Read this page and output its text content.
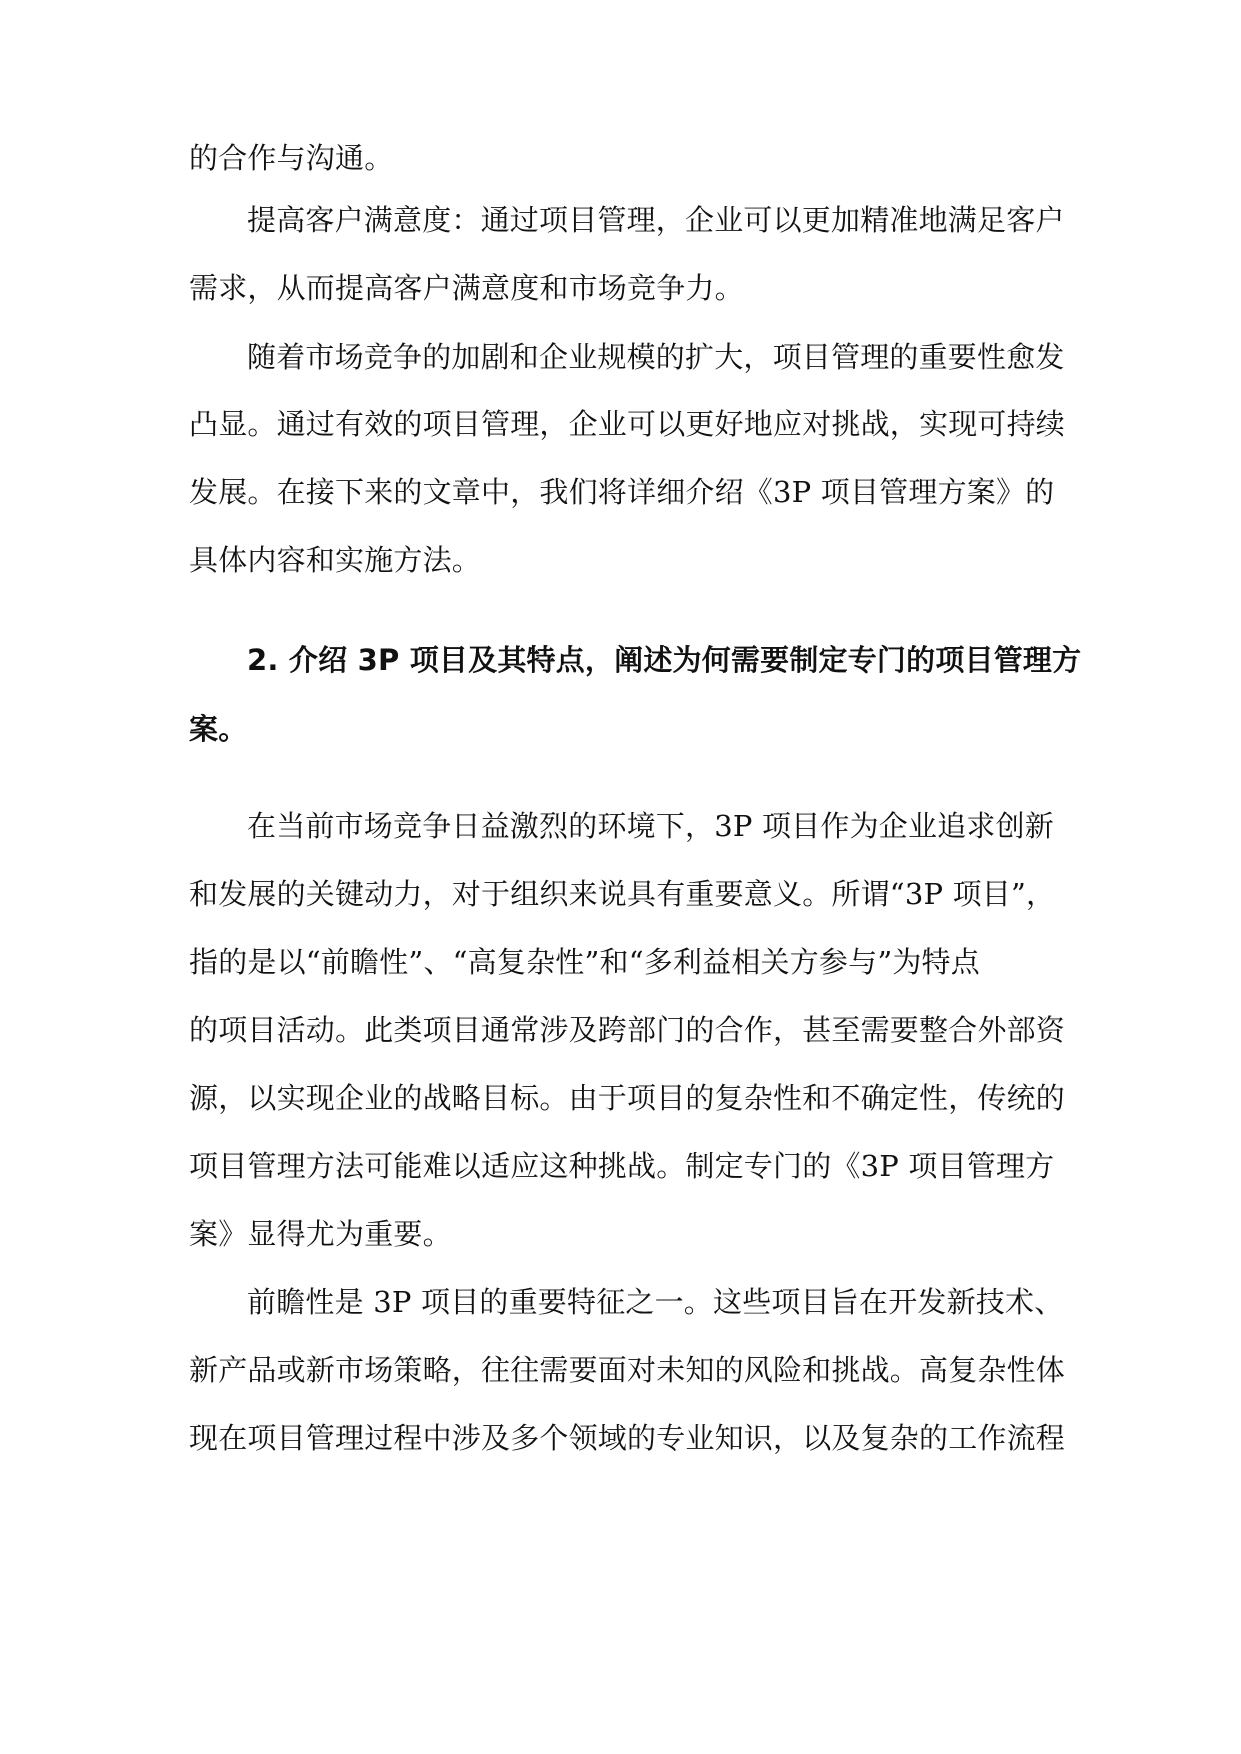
的合作与沟通。
提高客户满意度：通过项目管理，企业可以更加精准地满足客户
需求，从而提高客户满意度和市场竞争力。
随着市场竞争的加剧和企业规模的扩大，项目管理的重要性愈发
凸显。通过有效的项目管理，企业可以更好地应对挑战，实现可持续
发展。在接下来的文章中，我们将详细介绍《3P 项目管理方案》的
具体内容和实施方法。
2. 介绍 3P 项目及其特点，阐述为何需要制定专门的项目管理方
案。
在当前市场竞争日益激烈的环境下，3P 项目作为企业追求创新
和发展的关键动力，对于组织来说具有重要意义。所谓“3P 项目”，
指的是以“前瞻性”、“高复杂性”和“多利益相关方参与”为特点
的项目活动。此类项目通常涉及跨部门的合作，甚至需要整合外部资
源，以实现企业的战略目标。由于项目的复杂性和不确定性，传统的
项目管理方法可能难以适应这种挑战。制定专门的《3P 项目管理方
案》显得尤为重要。
前瞻性是 3P 项目的重要特征之一。这些项目旨在开发新技术、
新产品或新市场策略，往往需要面对未知的风险和挑战。高复杂性体
现在项目管理过程中涉及多个领域的专业知识，以及复杂的工作流程
